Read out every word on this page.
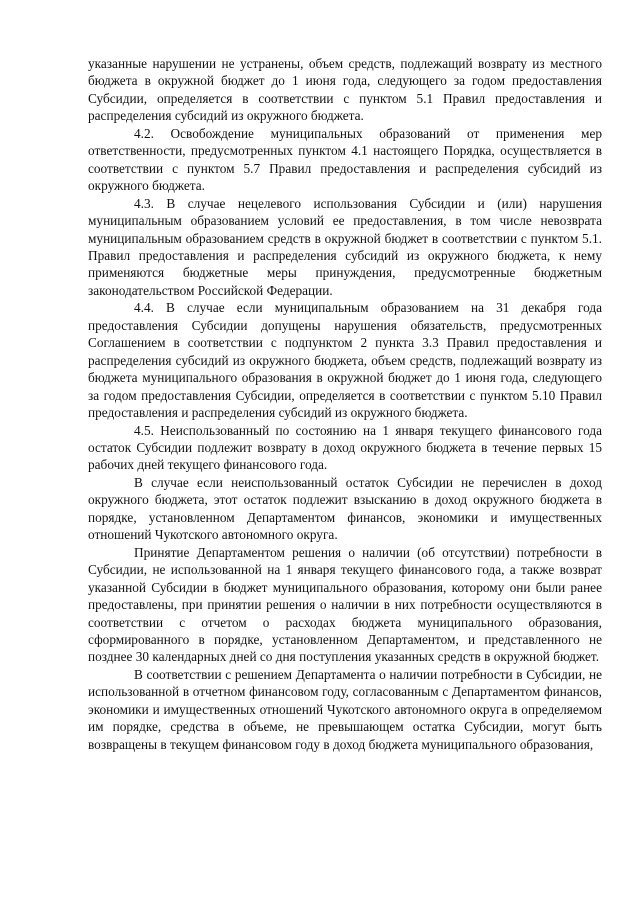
указанные нарушении не устранены, объем средств, подлежащий возврату из местного бюджета в окружной бюджет до 1 июня года, следующего за годом предоставления Субсидии, определяется в соответствии с пунктом 5.1 Правил предоставления и распределения субсидий из окружного бюджета.

4.2. Освобождение муниципальных образований от применения мер ответственности, предусмотренных пунктом 4.1 настоящего Порядка, осуществляется в соответствии с пунктом 5.7 Правил предоставления и распределения субсидий из окружного бюджета.

4.3. В случае нецелевого использования Субсидии и (или) нарушения муниципальным образованием условий ее предоставления, в том числе невозврата муниципальным образованием средств в окружной бюджет в соответствии с пунктом 5.1. Правил предоставления и распределения субсидий из окружного бюджета, к нему применяются бюджетные меры принуждения, предусмотренные бюджетным законодательством Российской Федерации.

4.4. В случае если муниципальным образованием на 31 декабря года предоставления Субсидии допущены нарушения обязательств, предусмотренных Соглашением в соответствии с подпунктом 2 пункта 3.3 Правил предоставления и распределения субсидий из окружного бюджета, объем средств, подлежащий возврату из бюджета муниципального образования в окружной бюджет до 1 июня года, следующего за годом предоставления Субсидии, определяется в соответствии с пунктом 5.10 Правил предоставления и распределения субсидий из окружного бюджета.

4.5. Неиспользованный по состоянию на 1 января текущего финансового года остаток Субсидии подлежит возврату в доход окружного бюджета в течение первых 15 рабочих дней текущего финансового года.

В случае если неиспользованный остаток Субсидии не перечислен в доход окружного бюджета, этот остаток подлежит взысканию в доход окружного бюджета в порядке, установленном Департаментом финансов, экономики и имущественных отношений Чукотского автономного округа.

Принятие Департаментом решения о наличии (об отсутствии) потребности в Субсидии, не использованной на 1 января текущего финансового года, а также возврат указанной Субсидии в бюджет муниципального образования, которому они были ранее предоставлены, при принятии решения о наличии в них потребности осуществляются в соответствии с отчетом о расходах бюджета муниципального образования, сформированного в порядке, установленном Департаментом, и представленного не позднее 30 календарных дней со дня поступления указанных средств в окружной бюджет.

В соответствии с решением Департамента о наличии потребности в Субсидии, не использованной в отчетном финансовом году, согласованным с Департаментом финансов, экономики и имущественных отношений Чукотского автономного округа в определяемом им порядке, средства в объеме, не превышающем остатка Субсидии, могут быть возвращены в текущем финансовом году в доход бюджета муниципального образования,
